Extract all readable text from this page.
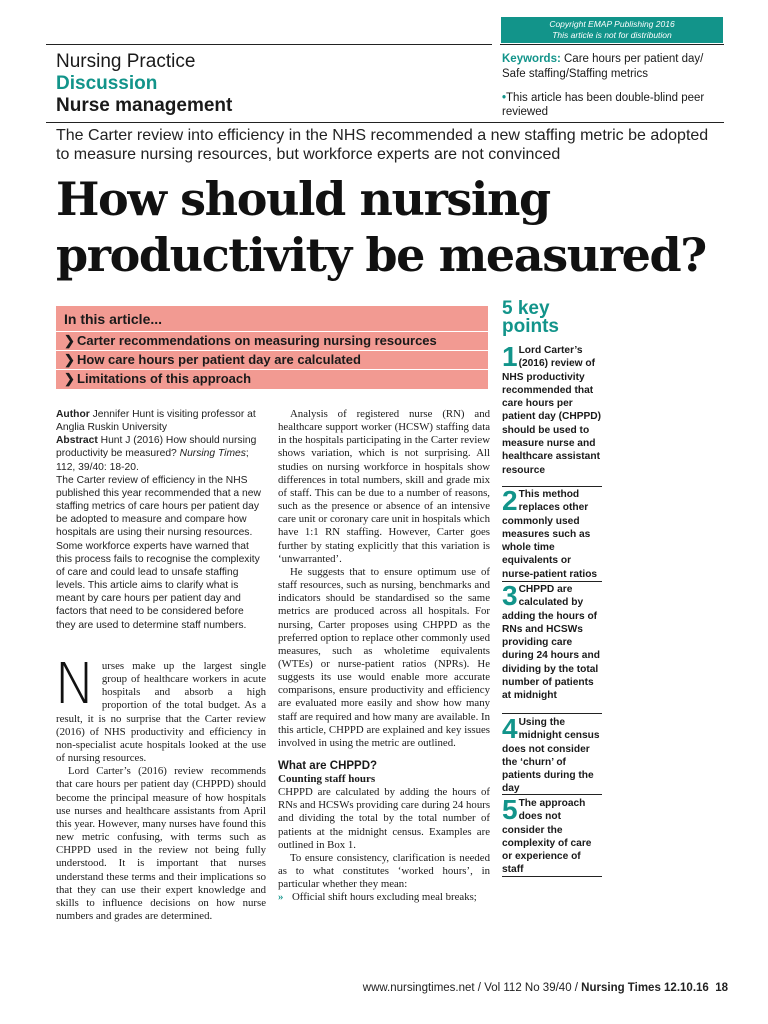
Copyright EMAP Publishing 2016
This article is not for distribution
Nursing Practice
Discussion
Nurse management
Keywords: Care hours per patient day/ Safe staffing/Staffing metrics
•This article has been double-blind peer reviewed
The Carter review into efficiency in the NHS recommended a new staffing metric be adopted to measure nursing resources, but workforce experts are not convinced
How should nursing
productivity be measured?
In this article...
❯ Carter recommendations on measuring nursing resources
❯ How care hours per patient day are calculated
❯ Limitations of this approach
Author Jennifer Hunt is visiting professor at Anglia Ruskin University
Abstract Hunt J (2016) How should nursing productivity be measured? Nursing Times; 112, 39/40: 18-20.
The Carter review of efficiency in the NHS published this year recommended that a new staffing metrics of care hours per patient day be adopted to measure and compare how hospitals are using their nursing resources. Some workforce experts have warned that this process fails to recognise the complexity of care and could lead to unsafe staffing levels. This article aims to clarify what is meant by care hours per patient day and factors that need to be considered before they are used to determine staff numbers.

Nurses make up the largest single group of healthcare workers in acute hospitals and absorb a high proportion of the total budget. As a result, it is no surprise that the Carter review (2016) of NHS productivity and efficiency in non-specialist acute hospitals looked at the use of nursing resources.

Lord Carter’s (2016) review recommends that care hours per patient day (CHPPD) should become the principal measure of how hospitals use nurses and healthcare assistants from April this year. However, many nurses have found this new metric confusing, with terms such as CHPPD used in the review not being fully understood. It is important that nurses understand these terms and their implications so that they can use their expert knowledge and skills to influence decisions on how nurse numbers and grades are determined.

Analysis of registered nurse (RN) and healthcare support worker (HCSW) staffing data in the hospitals participating in the Carter review shows variation, which is not surprising. All studies on nursing workforce in hospitals show differences in total numbers, skill and grade mix of staff. This can be due to a number of reasons, such as the presence or absence of an intensive care unit or coronary care unit in hospitals which have 1:1 RN staffing. However, Carter goes further by stating explicitly that this variation is ‘unwarranted’.

He suggests that to ensure optimum use of staff resources, such as nursing, benchmarks and indicators should be standardised so the same metrics are produced across all hospitals. For nursing, Carter proposes using CHPPD as the preferred option to replace other commonly used measures, such as wholetime equivalents (WTEs) or nurse-patient ratios (NPRs). He suggests its use would enable more accurate comparisons, ensure productivity and efficiency are evaluated more easily and show how many staff are required and how many are available. In this article, CHPPD are explained and key issues involved in using the metric are outlined.

What are CHPPD?
Counting staff hours

CHPPD are calculated by adding the hours of RNs and HCSWs providing care during 24 hours and dividing the total by the total number of patients at the midnight census. Examples are outlined in Box 1.

To ensure consistency, clarification is needed as to what constitutes ‘worked hours’, in particular whether they mean:

» Official shift hours excluding meal breaks;

5 key
points
1 Lord Carter’s (2016) review of NHS productivity recommended that care hours per patient day (CHPPD) should be used to measure nurse and healthcare assistant resource
2 This method replaces other commonly used measures such as whole time equivalents or nurse-patient ratios
3 CHPPD are calculated by adding the hours of RNs and HCSWs providing care during 24 hours and dividing by the total number of patients at midnight
4 Using the midnight census does not consider the ‘churn’ of patients during the day
5 The approach does not consider the complexity of care or experience of staff
www.nursingtimes.net / Vol 112 No 39/40 / Nursing Times 12.10.16 18
